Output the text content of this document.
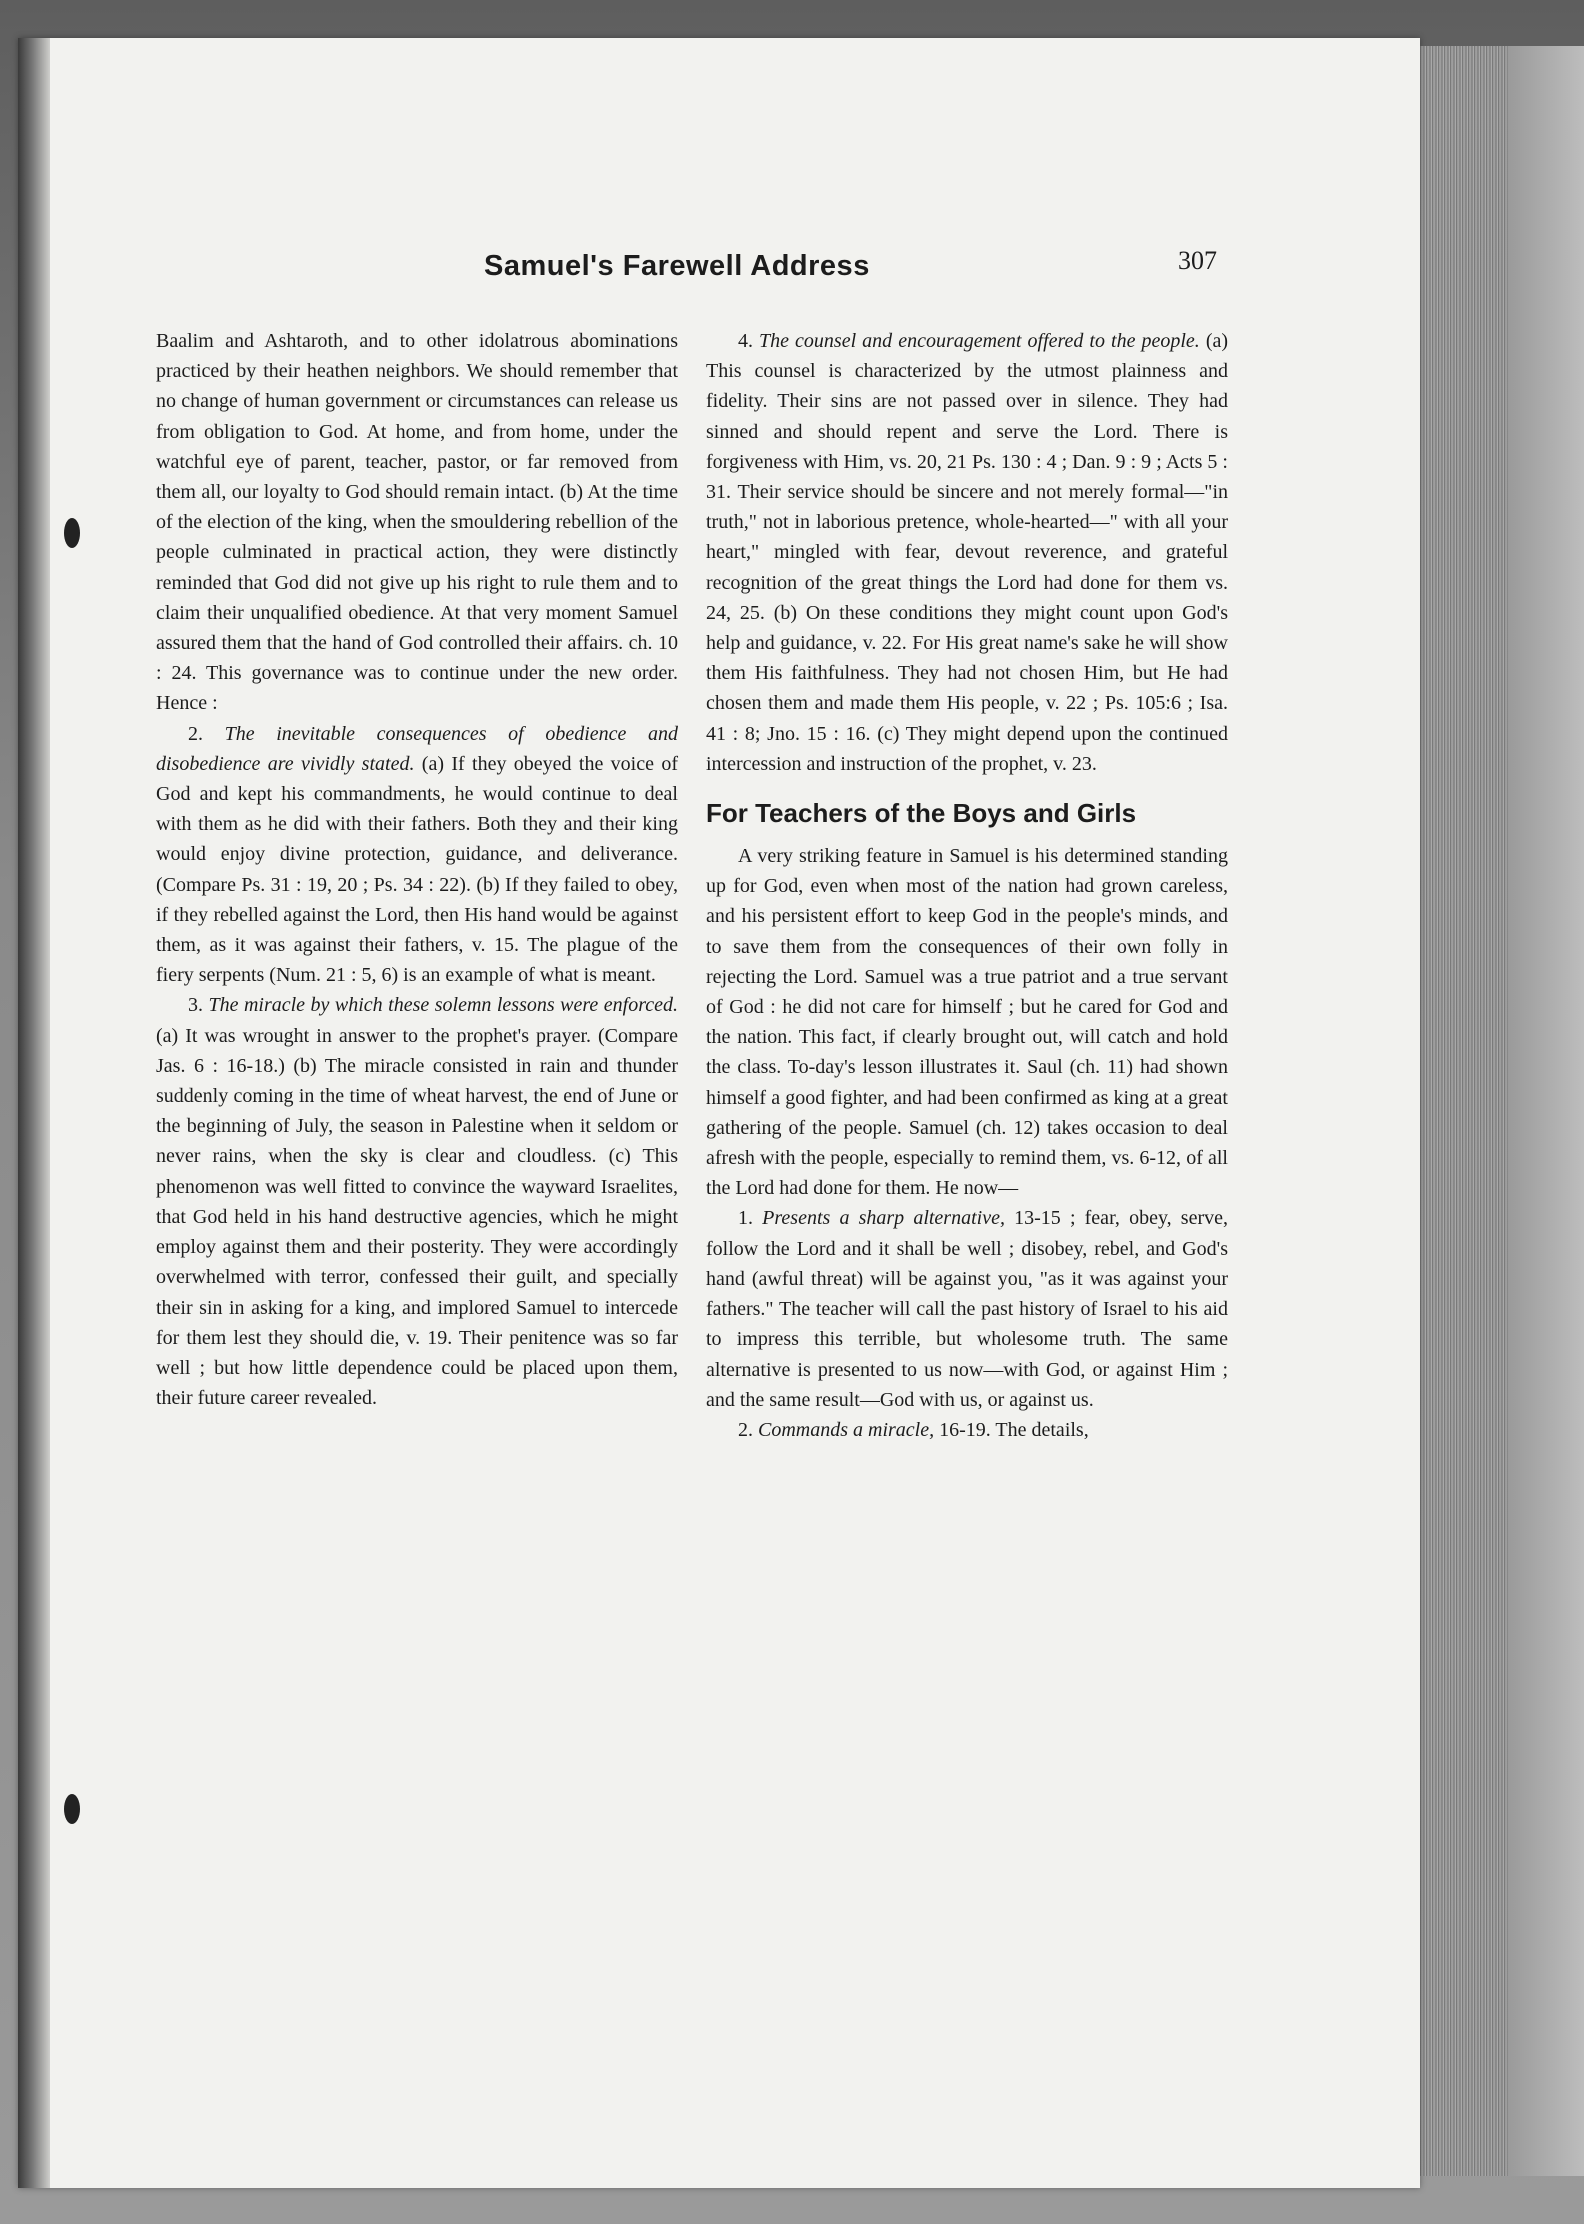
Samuel's Farewell Address	307

Baalim and Ashtaroth, and to other idolatrous abominations practiced by their heathen neighbors. We should remember that no change of human government or circumstances can release us from obligation to God. At home, and from home, under the watchful eye of parent, teacher, pastor, or far removed from them all, our loyalty to God should remain intact. (b) At the time of the election of the king, when the smouldering rebellion of the people culminated in practical action, they were distinctly reminded that God did not give up his right to rule them and to claim their unqualified obedience. At that very moment Samuel assured them that the hand of God controlled their affairs. ch. 10 : 24. This governance was to continue under the new order. Hence :

2. The inevitable consequences of obedience and disobedience are vividly stated. (a) If they obeyed the voice of God and kept his commandments, he would continue to deal with them as he did with their fathers. Both they and their king would enjoy divine protection, guidance, and deliverance. (Compare Ps. 31 : 19, 20 ; Ps. 34 : 22). (b) If they failed to obey, if they rebelled against the Lord, then His hand would be against them, as it was against their fathers, v. 15. The plague of the fiery serpents (Num. 21 : 5, 6) is an example of what is meant.

3. The miracle by which these solemn lessons were enforced. (a) It was wrought in answer to the prophet's prayer. (Compare Jas. 6 : 16-18.) (b) The miracle consisted in rain and thunder suddenly coming in the time of wheat harvest, the end of June or the beginning of July, the season in Palestine when it seldom or never rains, when the sky is clear and cloudless. (c) This phenomenon was well fitted to convince the wayward Israelites, that God held in his hand destructive agencies, which he might employ against them and their posterity. They were accordingly overwhelmed with terror, confessed their guilt, and specially their sin in asking for a king, and implored Samuel to intercede for them lest they should die, v. 19. Their penitence was so far well ; but how little dependence could be placed upon them, their future career revealed.

4. The counsel and encouragement offered to the people. (a) This counsel is characterized by the utmost plainness and fidelity. Their sins are not passed over in silence. They had sinned and should repent and serve the Lord. There is forgiveness with Him, vs. 20, 21 Ps. 130 : 4 ; Dan. 9 : 9 ; Acts 5 : 31. Their service should be sincere and not merely formal—"in truth," not in laborious pretence, whole-hearted—" with all your heart," mingled with fear, devout reverence, and grateful recognition of the great things the Lord had done for them vs. 24, 25. (b) On these conditions they might count upon God's help and guidance, v. 22. For His great name's sake he will show them His faithfulness. They had not chosen Him, but He had chosen them and made them His people, v. 22 ; Ps. 105:6 ; Isa. 41 : 8; Jno. 15 : 16. (c) They might depend upon the continued intercession and instruction of the prophet, v. 23.

For Teachers of the Boys and Girls

A very striking feature in Samuel is his determined standing up for God, even when most of the nation had grown careless, and his persistent effort to keep God in the people's minds, and to save them from the consequences of their own folly in rejecting the Lord. Samuel was a true patriot and a true servant of God : he did not care for himself ; but he cared for God and the nation. This fact, if clearly brought out, will catch and hold the class. To-day's lesson illustrates it. Saul (ch. 11) had shown himself a good fighter, and had been confirmed as king at a great gathering of the people. Samuel (ch. 12) takes occasion to deal afresh with the people, especially to remind them, vs. 6-12, of all the Lord had done for them. He now—

1. Presents a sharp alternative, 13-15 ; fear, obey, serve, follow the Lord and it shall be well ; disobey, rebel, and God's hand (awful threat) will be against you, "as it was against your fathers." The teacher will call the past history of Israel to his aid to impress this terrible, but wholesome truth. The same alternative is presented to us now—with God, or against Him ; and the same result—God with us, or against us.

2. Commands a miracle, 16-19. The details,
